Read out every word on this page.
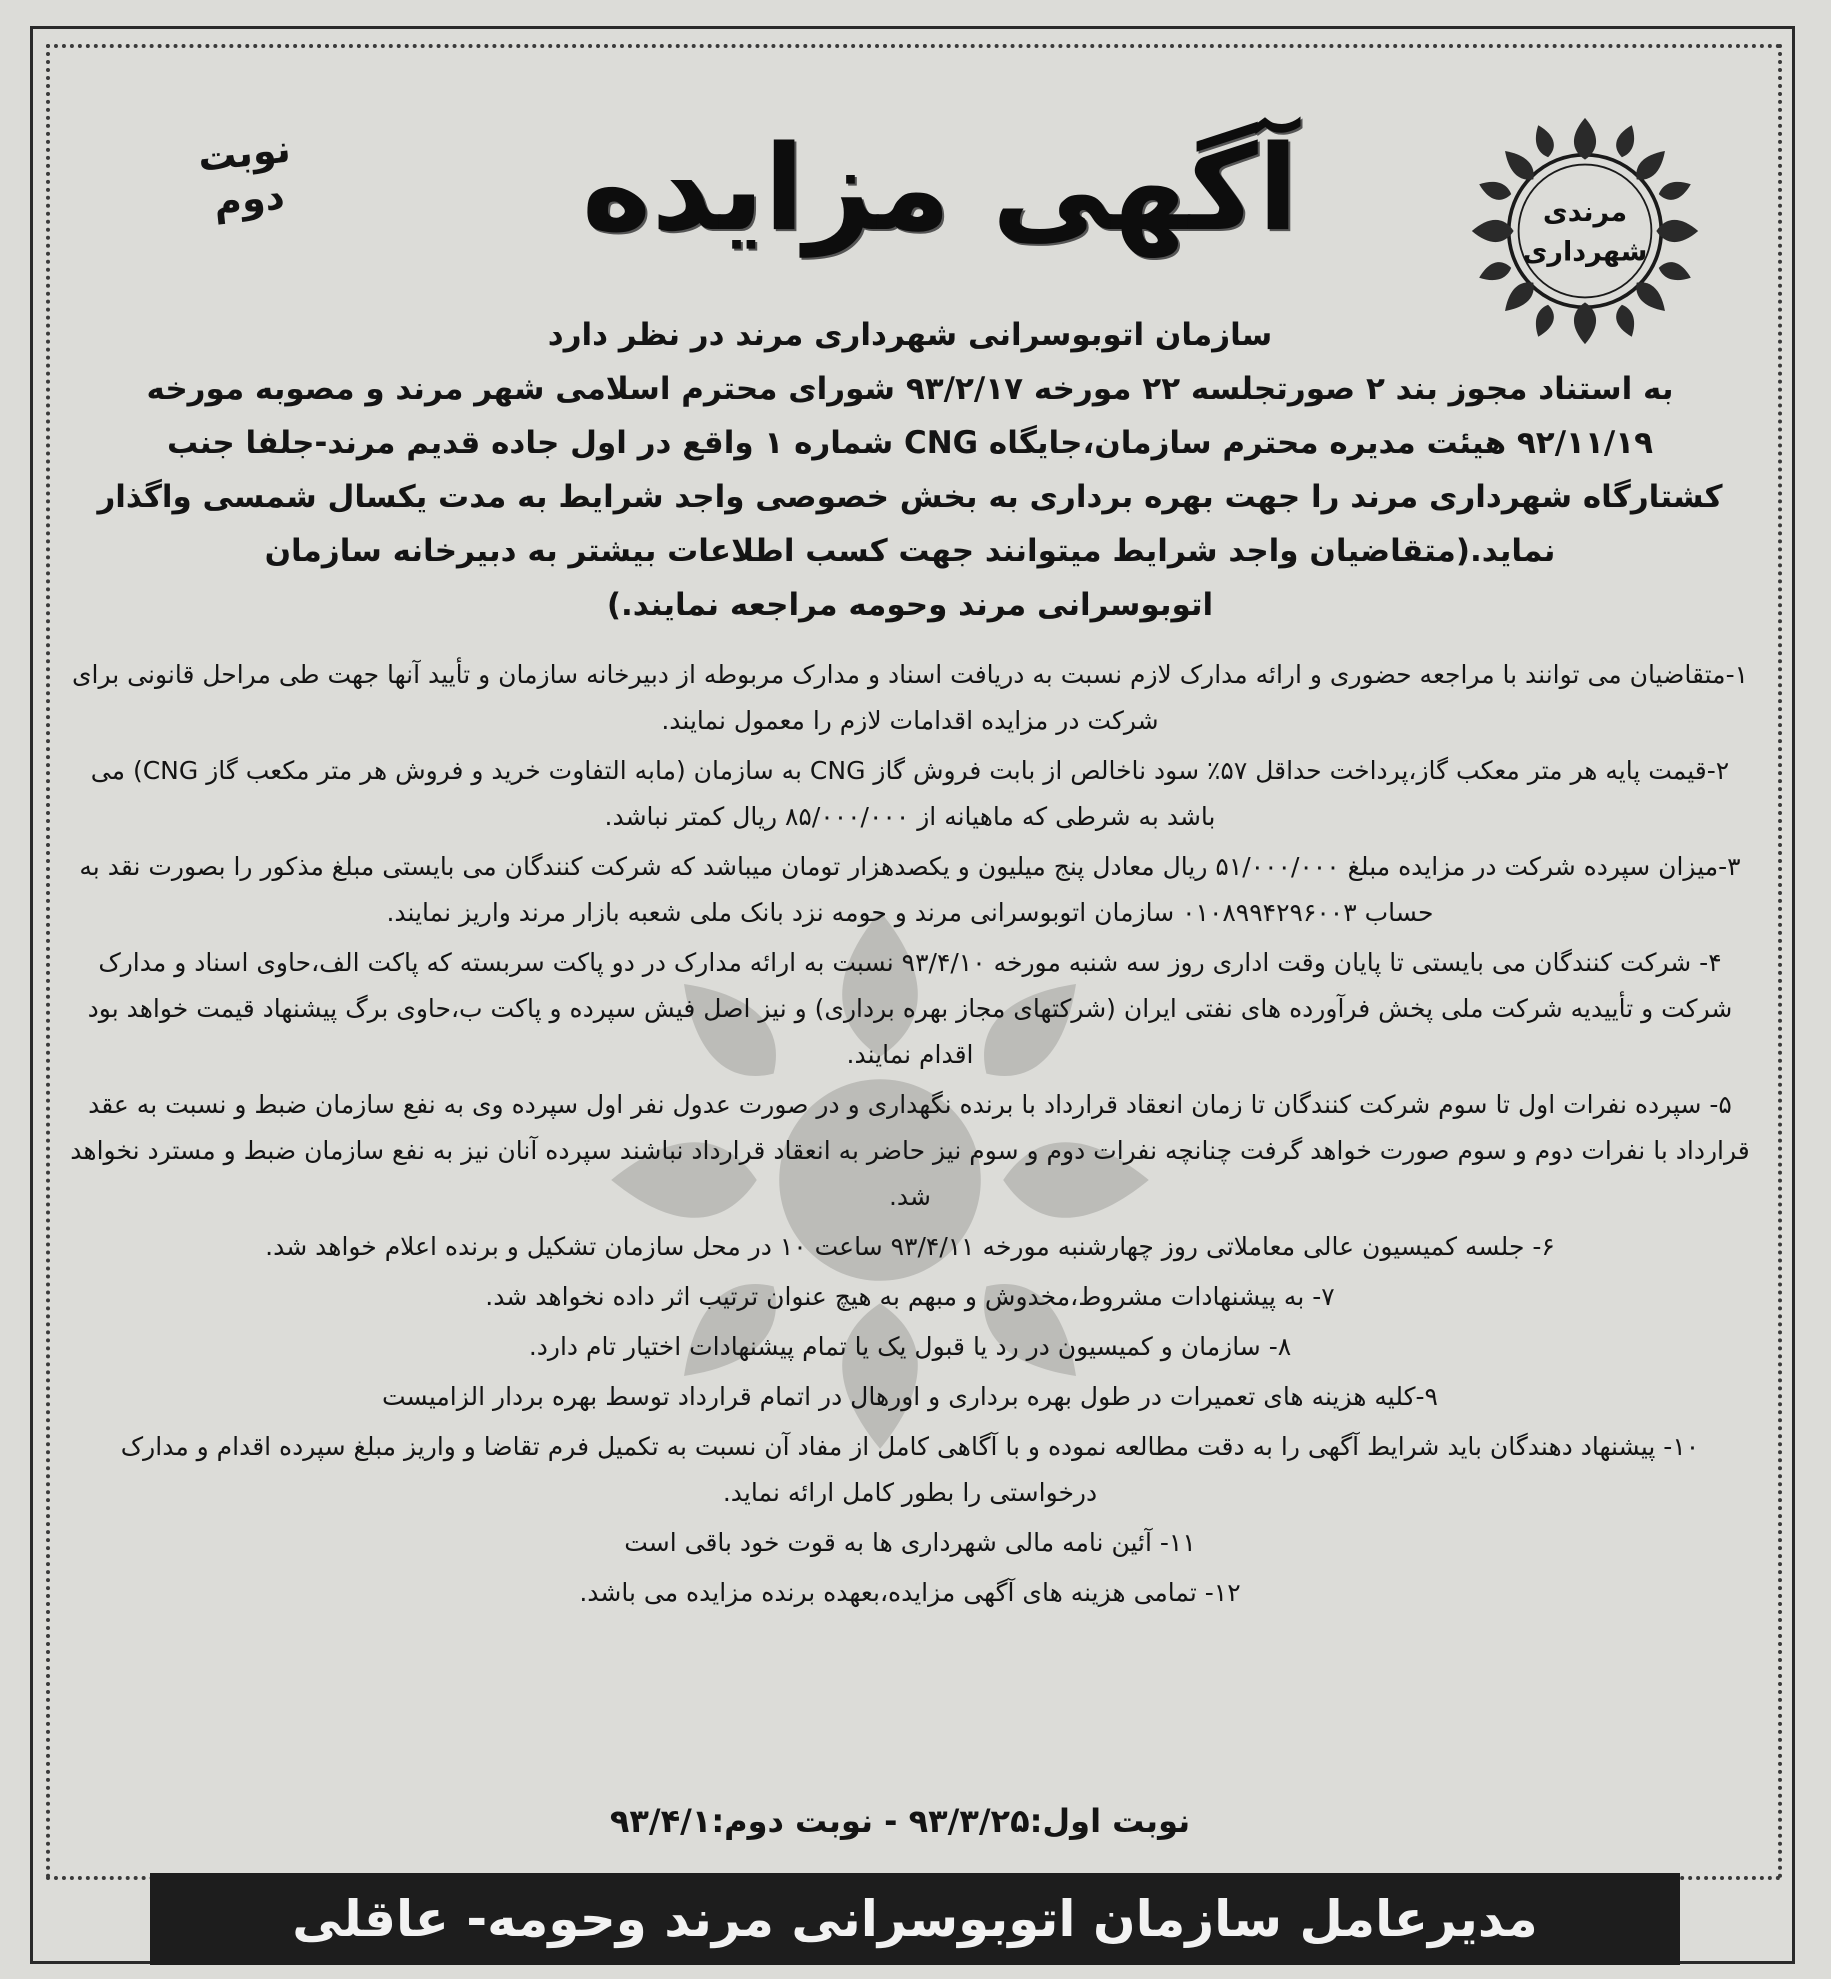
مرندی
شهرداری
آگهی مزایده
نوبت دوم

سازمان اتوبوسرانی شهرداری مرند در نظر دارد

به استناد مجوز بند ۲ صورتجلسه ۲۲ مورخه ۹۳/۲/۱۷ شورای محترم اسلامی شهر مرند و مصوبه مورخه

۹۲/۱۱/۱۹ هیئت مدیره محترم سازمان،جایگاه CNG شماره ۱ واقع در اول جاده قدیم مرند-جلفا جنب

کشتارگاه شهرداری مرند را جهت بهره برداری به بخش خصوصی واجد شرایط به مدت یکسال شمسی واگذار

نماید.(متقاضیان واجد شرایط میتوانند جهت کسب اطلاعات بیشتر به دبیرخانه سازمان

اتوبوسرانی مرند وحومه مراجعه نمایند.)

۱-متقاضیان می توانند با مراجعه حضوری و ارائه مدارک لازم نسبت به دریافت اسناد و مدارک مربوطه از دبیرخانه سازمان و تأیید آنها جهت طی مراحل قانونی برای شرکت در مزایده اقدامات لازم را معمول نمایند.

۲-قیمت پایه هر متر معکب گاز،پرداخت حداقل ۵۷٪ سود ناخالص از بابت فروش گاز CNG به سازمان (مابه التفاوت خرید و فروش هر متر مکعب گاز CNG) می باشد به شرطی که ماهیانه از ۸۵/۰۰۰/۰۰۰ ریال کمتر نباشد.

۳-میزان سپرده شرکت در مزایده مبلغ ۵۱/۰۰۰/۰۰۰ ریال معادل پنج میلیون و یکصدهزار تومان میباشد که شرکت کنندگان می بایستی مبلغ مذکور را بصورت نقد به حساب ۰۱۰۸۹۹۴۲۹۶۰۰۳ سازمان اتوبوسرانی مرند و حومه نزد بانک ملی شعبه بازار مرند واریز نمایند.

۴- شرکت کنندگان می بایستی تا پایان وقت اداری روز سه شنبه مورخه ۹۳/۴/۱۰ نسبت به ارائه مدارک در دو پاکت سربسته که پاکت الف،حاوی اسناد و مدارک شرکت و تأییدیه شرکت ملی پخش فرآورده های نفتی ایران (شرکتهای مجاز بهره برداری) و نیز اصل فیش سپرده و پاکت ب،حاوی برگ پیشنهاد قیمت خواهد بود اقدام نمایند.

۵- سپرده نفرات اول تا سوم شرکت کنندگان تا زمان انعقاد قرارداد با برنده نگهداری و در صورت عدول نفر اول سپرده وی به نفع سازمان ضبط و نسبت به عقد قرارداد با نفرات دوم و سوم صورت خواهد گرفت چنانچه نفرات دوم و سوم نیز حاضر به انعقاد قرارداد نباشند سپرده آنان نیز به نفع سازمان ضبط و مسترد نخواهد شد.

۶- جلسه کمیسیون عالی معاملاتی روز چهارشنبه مورخه ۹۳/۴/۱۱ ساعت ۱۰ در محل سازمان تشکیل و برنده اعلام خواهد شد.

۷- به پیشنهادات مشروط،مخدوش و مبهم به هیچ عنوان ترتیب اثر داده نخواهد شد.

۸- سازمان و کمیسیون در رد یا قبول یک یا تمام پیشنهادات اختیار تام دارد.

۹-کلیه هزینه های تعمیرات در طول بهره برداری و اورهال در اتمام قرارداد توسط بهره بردار الزامیست

۱۰- پیشنهاد دهندگان باید شرایط آگهی را به دقت مطالعه نموده و با آگاهی کامل از مفاد آن نسبت به تکمیل فرم تقاضا و واریز مبلغ سپرده اقدام و مدارک درخواستی را بطور کامل ارائه نماید.

۱۱- آئین نامه مالی شهرداری ها به قوت خود باقی است

۱۲- تمامی هزینه های آگهی مزایده،بعهده برنده مزایده می باشد.

نوبت اول:۹۳/۳/۲۵ - نوبت دوم:۹۳/۴/۱
مدیرعامل سازمان اتوبوسرانی مرند وحومه- عاقلی
